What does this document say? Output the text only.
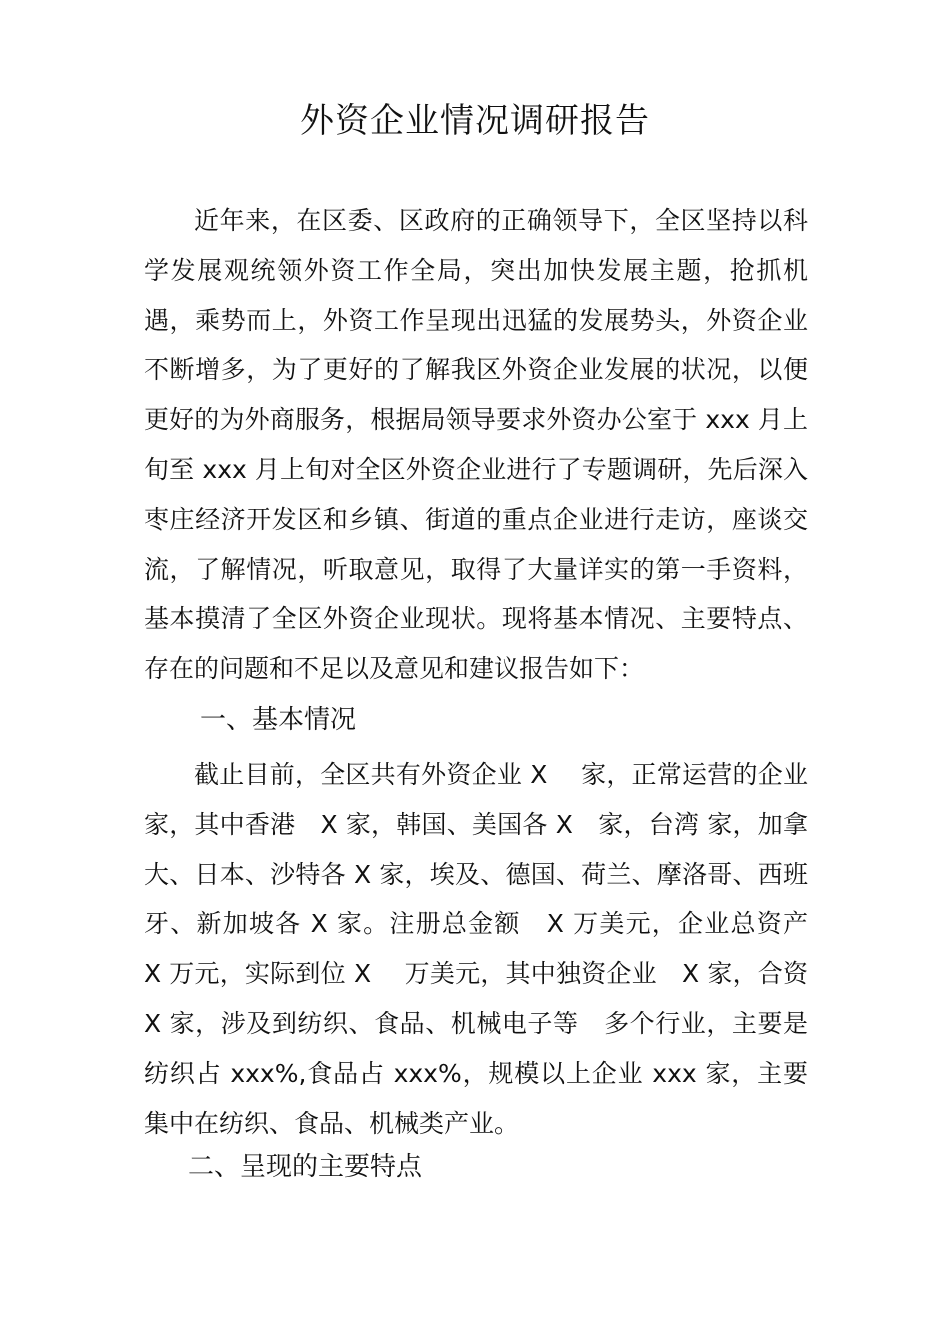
外资企业情况调研报告

近年来，在区委、区政府的正确领导下，全区坚持以科学发展观统领外资工作全局，突出加快发展主题，抢抓机遇，乘势而上，外资工作呈现出迅猛的发展势头，外资企业不断增多，为了更好的了解我区外资企业发展的状况，以便更好的为外商服务，根据局领导要求外资办公室于 xxx 月上旬至 xxx 月上旬对全区外资企业进行了专题调研，先后深入枣庄经济开发区和乡镇、街道的重点企业进行走访，座谈交流，了解情况，听取意见，取得了大量详实的第一手资料，基本摸清了全区外资企业现状。现将基本情况、主要特点、存在的问题和不足以及意见和建议报告如下：

一、基本情况

截止目前，全区共有外资企业 X　 家，正常运营的企业家，其中香港　X 家，韩国、美国各 X　家，台湾 家，加拿大、日本、沙特各 X 家，埃及、德国、荷兰、摩洛哥、西班牙、新加坡各 X 家。注册总金额　X 万美元，企业总资产　X 万元，实际到位 X　 万美元，其中独资企业　X 家，合资 X 家，涉及到纺织、食品、机械电子等　多个行业，主要是纺织占 xxx%,食品占 xxx%，规模以上企业 xxx 家，主要集中在纺织、食品、机械类产业。

二、呈现的主要特点
